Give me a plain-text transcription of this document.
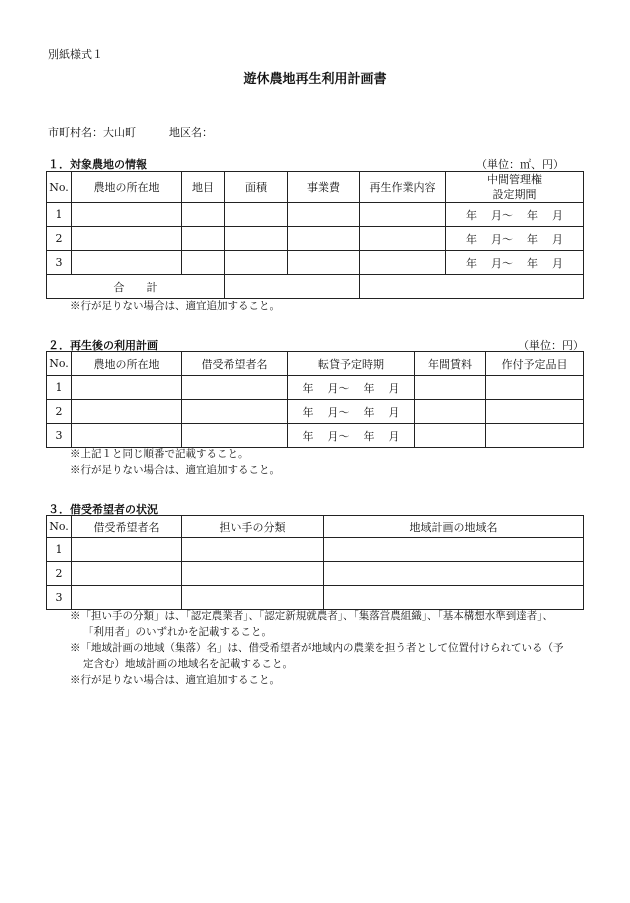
別紙様式１
遊休農地再生利用計画書
市町村名：大山町	地区名：
１．対象農地の情報	（単位：㎡、円）
No.	農地の所在地	地目	面積	事業費	再生作業内容	中間管理権
設定期間

1						年 月〜 年 月
2						年 月〜 年 月
3						年 月〜 年 月
合 計						
※行が足りない場合は、適宜追加すること。
２．再生後の利用計画	（単位：円）
No.	農地の所在地	借受希望者名	転貸予定時期	年間賃料	作付予定品目
1			年 月〜 年 月		
2			年 月〜 年 月		
3			年 月〜 年 月		
※上記１と同じ順番で記載すること。
※行が足りない場合は、適宜追加すること。
３．借受希望者の状況
No.	借受希望者名	担い手の分類	地域計画の地域名
1			
2			
3			
※「担い手の分類」は、「認定農業者」、「認定新規就農者」、「集落営農組織」、「基本構想水準到達者」、
「利用者」のいずれかを記載すること。
※「地域計画の地域（集落）名」は、借受希望者が地域内の農業を担う者として位置付けられている（予
定含む）地域計画の地域名を記載すること。
※行が足りない場合は、適宜追加すること。
